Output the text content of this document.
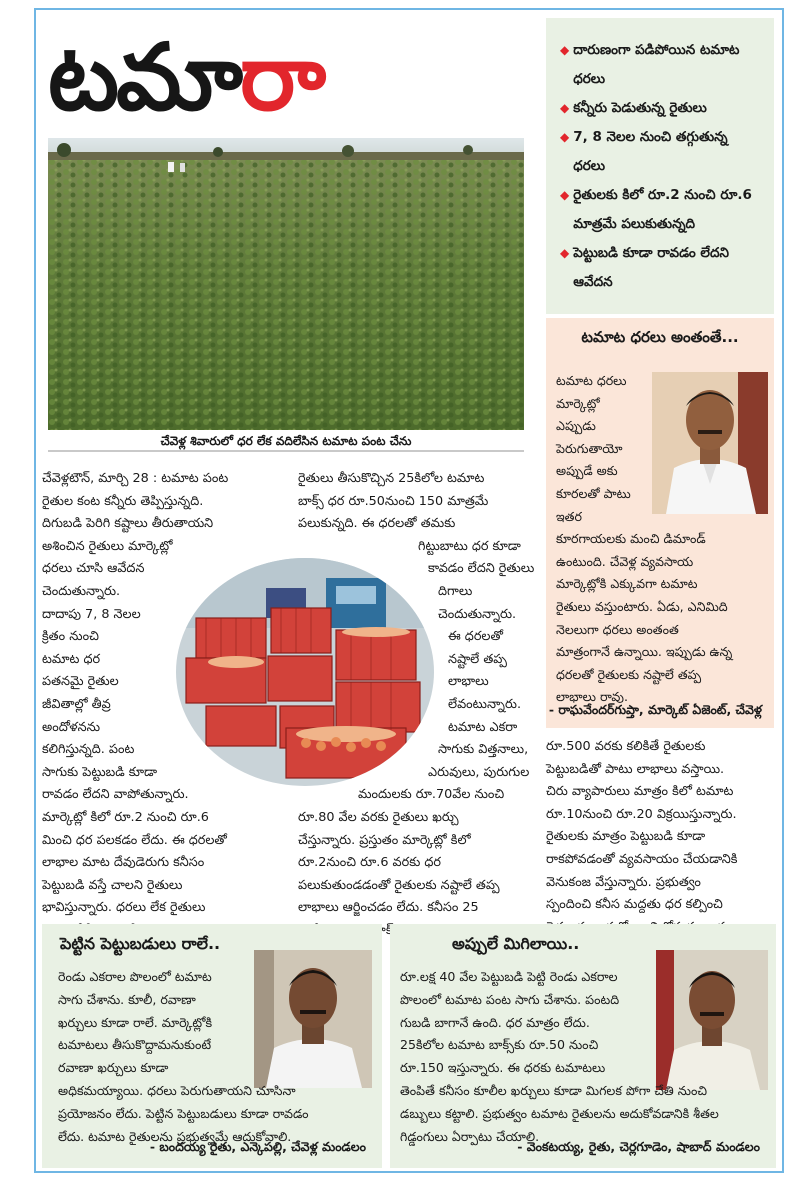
టమా రా	◆ దారుణంగా పడిపోయిన టమాట ధరలు
◆ కన్నీరు పెడుతున్న రైతులు
◆ 7, 8 నెలల నుంచి తగ్గుతున్న ధరలు
◆ రైతులకు కిలో రూ.2 నుంచి రూ.6 మాత్రమే పలుకుతున్నది
◆ పెట్టుబడి కూడా రావడం లేదని ఆవేదన
చేవెళ్ల శివారులో ధర లేక వదిలేసిన టమాట పంట చేను
చేవెళ్లటౌన్, మార్చి 28 : టమాట పంట
రైతుల కంట కన్నీరు తెప్పిస్తున్నది.
దిగుబడి పెరిగి కష్టాలు తీరుతాయని
అశించిన రైతులు మార్కెట్లో
ధరలు చూసి ఆవేదన
చెందుతున్నారు.
దాదాపు 7, 8 నెలల
క్రితం నుంచి
టమాట ధర
పతనమై రైతుల
జీవితాల్లో తీవ్ర
అందోళనను
కలిగిస్తున్నది. పంట
సాగుకు పెట్టుబడి కూడా
రావడం లేదని వాపోతున్నారు.
మార్కెట్లో కిలో రూ.2 నుంచి రూ.6
మించి ధర పలకడం లేదు. ఈ ధరలతో
లాభాల మాట దేవుడెరుగు కనీసం
పెట్టుబడి వస్తే చాలని రైతులు
భావిస్తున్నారు. ధరలు లేక రైతులు
రైతులు తీసుకొచ్చిన 25కిలోల టమాట
బాక్స్ ధర రూ.50నుంచి 150 మాత్రమే
పలుకున్నది. ఈ ధరలతో తమకు
గిట్టుబాటు ధర కూడా
కావడం లేదని రైతులు
దిగాలు
చెందుతున్నారు.
ఈ ధరలతో
నష్టాలే తప్ప
లాభాలు
లేవంటున్నారు.
టమాట ఎకరా
సాగుకు విత్తనాలు,
ఎరువులు, పురుగుల
మందులకు రూ.70వేల నుంచి
రూ.80 వేల వరకు రైతులు ఖర్చు
చేస్తున్నారు. ప్రస్తుతం మార్కెట్లో కిలో
రూ.2నుంచి రూ.6 వరకు ధర
పలుకుతుండడంతో రైతులకు నష్టాలే తప్ప
లాభాలు ఆర్జించడం లేదు. కనీసం 25
బాక్స్
టమాట ధరలు అంతంతే...
టమాట ధరలు
మార్కెట్లో
ఎప్పుడు
పెరుగుతాయో
అప్పుడే అకు
కూరలతో పాటు
ఇతర
కూరగాయలకు మంచి డిమాండ్
ఉంటుంది. చేవెళ్ల వ్యవసాయ
మార్కెట్లోకి ఎక్కువగా టమాట
రైతులు వస్తుంటారు. ఏడు, ఎనిమిది
నెలలుగా ధరలు అంతంత
మాత్రంగానే ఉన్నాయి. ఇప్పుడు ఉన్న
ధరలతో రైతులకు నష్టాలే తప్ప
లాభాలు రావు.
- రాఘవేందర్‌గుప్తా, మార్కెట్ ఏజెంట్, చేవెళ్ల
రూ.500 వరకు కలికితే రైతులకు
పెట్టుబడితో పాటు లాభాలు వస్తాయి.
చిరు వ్యాపారులు మాత్రం కిలో టమాట
రూ.10నుంచి రూ.20 విక్రయిస్తున్నారు.
రైతులకు మాత్రం పెట్టుబడి కూడా
రాకపోవడంతో వ్యవసాయం చేయడానికి
వెనుకంజ వేస్తున్నారు. ప్రభుత్వం
స్పందించి కనీస మద్దతు ధర కల్పించి
పెట్టిన పెట్టుబడులు రాలే..
రెండు ఎకరాల పొలంలో టమాట
సాగు చేశాను. కూలీ, రవాణా
ఖర్చులు కూడా రాలే. మార్కెట్లోకి
టమాటలు తీసుకొద్దామనుకుంటే
రవాణా ఖర్చులు కూడా
అధికమయ్యాయి. ధరలు పెరుగుతాయని చూసినా
ప్రయోజనం లేదు. పెట్టిన పెట్టుబడులు కూడా రావడం
లేదు. టమాట రైతులను ప్రభుత్వమే ఆదుకోవాలి.
- బందయ్య రైతు, ఎన్కెపల్లి, చేవెళ్ల మండలం
అప్పులే మిగిలాయి..
రూ.లక్ష 40 వేల పెట్టుబడి పెట్టి రెండు ఎకరాల
పొలంలో టమాట పంట సాగు చేశాను. పంటది
గుబడి బాగానే ఉంది. ధర మాత్రం లేదు.
25కిలోల టమాట బాక్స్‌కు రూ.50 నుంచి
రూ.150 ఇస్తున్నారు. ఈ ధరకు టమాటలు
తెంపితే కనీసం కూలీల ఖర్చులు కూడా మిగలక పోగా చేతి నుంచి
డబ్బులు కట్టాలి. ప్రభుత్వం టమాట రైతులను అదుకోవడానికి శీతల
గిడ్డంగులు ఏర్పాటు చేయాలి.
- వెంకటయ్య, రైతు, చెర్లగూడెం, షాబాద్ మండలం
